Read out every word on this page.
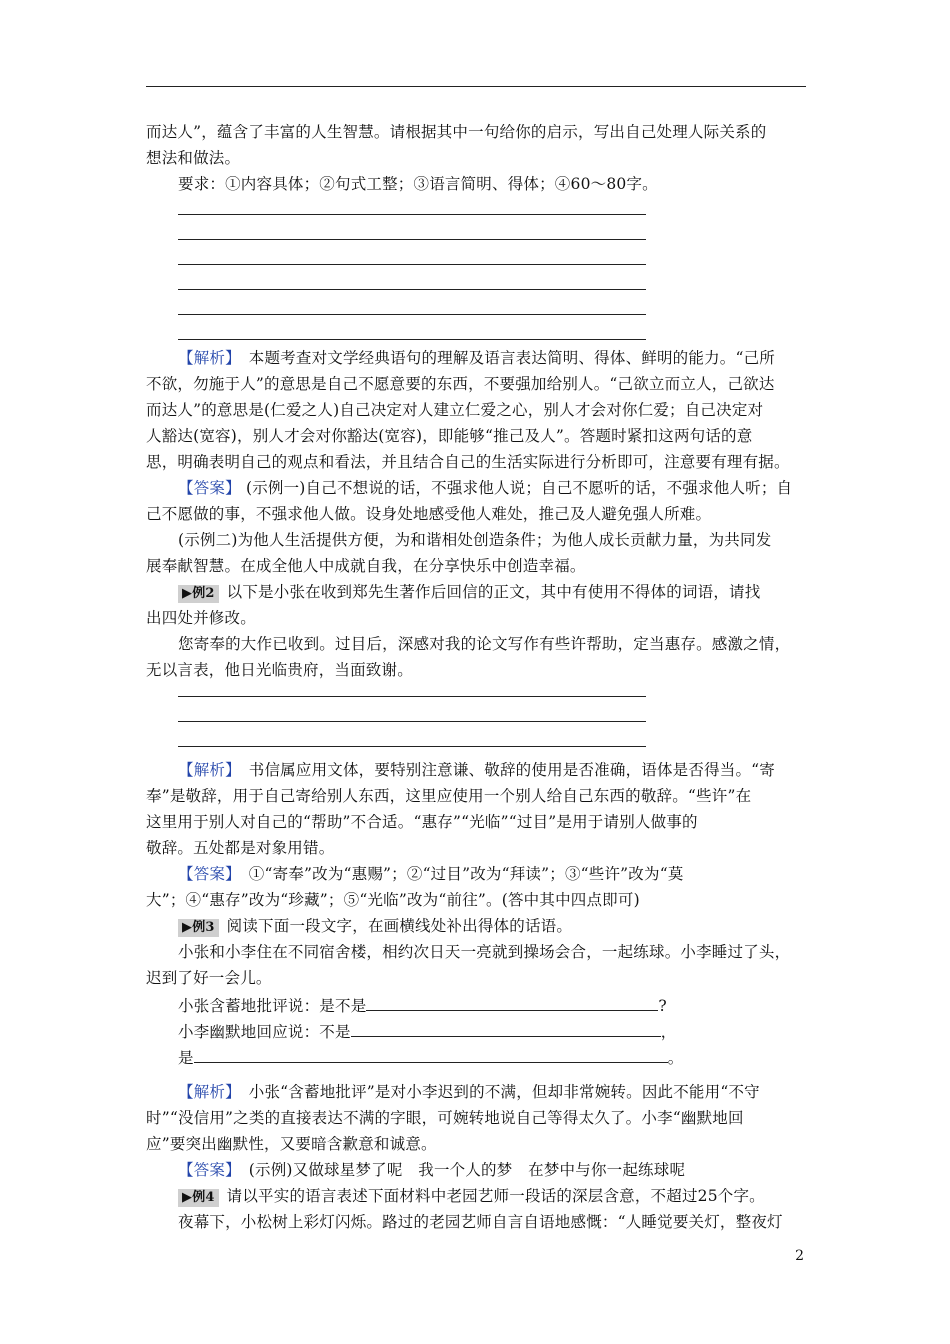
而达人”，蕴含了丰富的人生智慧。请根据其中一句给你的启示，写出自己处理人际关系的
想法和做法。
要求：①内容具体；②句式工整；③语言简明、得体；④60～80字。
【解析】　 本题考查对文学经典语句的理解及语言表达简明、得体、鲜明的能力。“己所
不欲，勿施于人”的意思是自己不愿意要的东西，不要强加给别人。“己欲立而立人，己欲达
而达人”的意思是(仁爱之人)自己决定对人建立仁爱之心，别人才会对你仁爱；自己决定对
人豁达(宽容)，别人才会对你豁达(宽容)，即能够“推己及人”。答题时紧扣这两句话的意
思，明确表明自己的观点和看法，并且结合自己的生活实际进行分析即可，注意要有理有据。
【答案】 (示例一)自己不想说的话，不强求他人说；自己不愿听的话，不强求他人听；自
己不愿做的事，不强求他人做。设身处地感受他人难处，推己及人避免强人所难。
(示例二)为他人生活提供方便，为和谐相处创造条件；为他人成长贡献力量，为共同发
展奉献智慧。在成全他人中成就自我，在分享快乐中创造幸福。
▶例2 以下是小张在收到郑先生著作后回信的正文，其中有使用不得体的词语，请找
出四处并修改。
您寄奉的大作已收到。过目后，深感对我的论文写作有些许帮助，定当惠存。感激之情，
无以言表，他日光临贵府，当面致谢。
【解析】　 书信属应用文体，要特别注意谦、敬辞的使用是否准确，语体是否得当。“寄
奉”是敬辞，用于自己寄给别人东西，这里应使用一个别人给自己东西的敬辞。“些许”在
这里用于别人对自己的“帮助”不合适。“惠存”“光临”“过目”是用于请别人做事的
敬辞。五处都是对象用错。
【答案】　 ①“寄奉”改为“惠赐”；②“过目”改为“拜读”；③“些许”改为“莫
大”；④“惠存”改为“珍藏”；⑤“光临”改为“前往”。(答中其中四点即可)
▶例3 阅读下面一段文字，在画横线处补出得体的话语。
小张和小李住在不同宿舍楼，相约次日天一亮就到操场会合，一起练球。小李睡过了头，
迟到了好一会儿。
小张含蓄地批评说：是不是	?
小李幽默地回应说：不是	，
是	。
【解析】　 小张“含蓄地批评”是对小李迟到的不满，但却非常婉转。因此不能用“不守
时”“没信用”之类的直接表达不满的字眼，可婉转地说自己等得太久了。小李“幽默地回
应”要突出幽默性，又要暗含歉意和诚意。
【答案】　 (示例)又做球星梦了呢　我一个人的梦　在梦中与你一起练球呢
▶例4 请以平实的语言表述下面材料中老园艺师一段话的深层含意，不超过25个字。
夜幕下，小松树上彩灯闪烁。路过的老园艺师自言自语地感慨：“人睡觉要关灯，整夜灯
2
